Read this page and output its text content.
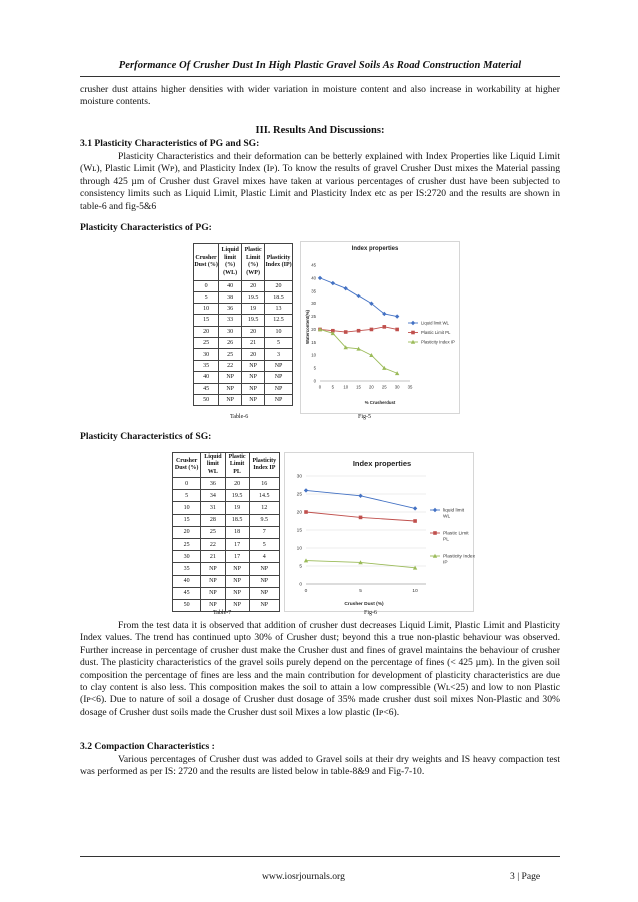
Performance Of Crusher Dust In High Plastic Gravel Soils As Road Construction Material
crusher dust attains higher densities with wider variation in moisture content and also increase in workability at higher moisture contents.
III. Results And Discussions:
3.1 Plasticity Characteristics of PG and SG:
Plasticity Characteristics and their deformation can be betterly explained with Index Properties like Liquid Limit (Wʟ), Plastic Limit (Wᴘ), and Plasticity Index (Iᴘ). To know the results of gravel Crusher Dust mixes the Material passing through 425 µm of Crusher dust Gravel mixes have taken at various percentages of crusher dust have been subjected to consistency limits such as Liquid Limit, Plastic Limit and Plasticity Index etc as per IS:2720 and the results are shown in table-6 and fig-5&6
Plasticity Characteristics of PG:
Crusher Dust (%)	Liquid limit (%) (WL)	Plastic Limit (%) (WP)	Plasticity Index (IP)
0	40	20	20
5	38	19.5	18.5
10	36	19	13
15	33	19.5	12.5
20	30	20	10
25	26	21	5
30	25	20	3
35	22	NP	NP
40	NP	NP	NP
45	NP	NP	NP
50	NP	NP	NP
Table-6
Index properties
0
5
10
15
20
25
30
35
40
45
0 5 10 15 20 25 30 35
% Crusherdust
Watercontent(%)	Liquid limit WL
Plastic Limit PL
Plasticity Index IP
Fig-5
Plasticity Characteristics of SG:
Crusher Dust (%)	Liquid limit WL	Plastic Limit PL	Plasticity Index IP
0	36	20	16
5	34	19.5	14.5
10	31	19	12
15	28	18.5	9.5
20	25	18	7
25	22	17	5
30	21	17	4
35	NP	NP	NP
40	NP	NP	NP
45	NP	NP	NP
50	NP	NP	NP
Table-7
Index properties
0
5
10
15
20
25
30
0	5	10
Crusher Dust (%)
liquid limit
WL
Plastic Limit
PL
Plasticity Index
IP
Fig-6
From the test data it is observed that addition of crusher dust decreases Liquid Limit, Plastic Limit and Plasticity Index values. The trend has continued upto 30% of Crusher dust; beyond this a true non-plastic behaviour was observed. Further increase in percentage of crusher dust make the Crusher dust and fines of gravel maintains the behaviour of crusher dust. The plasticity characteristics of the gravel soils purely depend on the percentage of fines (< 425 µm). In the given soil composition the percentage of fines are less and the main contribution for development of plasticity characteristics are due to clay content is also less. This composition makes the soil to attain a low compressible (Wʟ<25) and low to non Plastic (Iᴘ<6). Due to nature of soil a dosage of Crusher dust dosage of 35% made crusher dust soil mixes Non-Plastic and 30% dosage of Crusher dust soils made the Crusher dust soil Mixes a low plastic (Iᴘ<6).
3.2 Compaction Characteristics :
Various percentages of Crusher dust was added to Gravel soils at their dry weights and IS heavy compaction test was performed as per IS: 2720 and the results are listed below in table-8&9 and Fig-7-10.
www.iosrjournals.org	3 | Page
